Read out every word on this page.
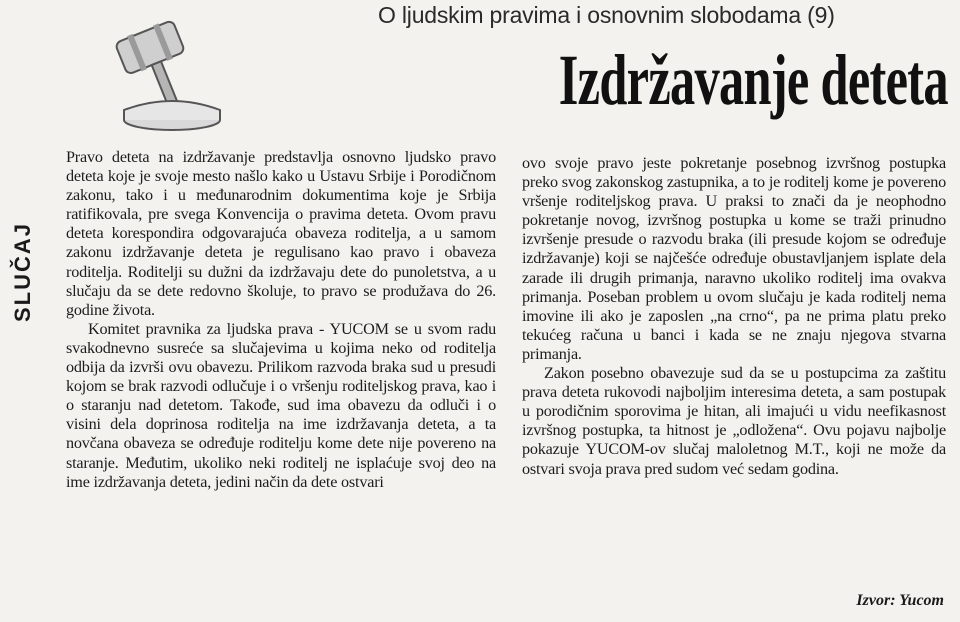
O ljudskim pravima i osnovnim slobodama (9)
Izdržavanje deteta
SLUČAJ

Pravo deteta na izdržavanje predstavlja osnovno ljudsko pravo deteta koje je svoje mesto našlo kako u Ustavu Srbije i Porodičnom zakonu, tako i u međunarodnim dokumentima koje je Srbija ratifikovala, pre svega Konvencija o pravima deteta. Ovom pravu deteta korespondira odgovarajuća obaveza roditelja, a u samom zakonu izdržavanje deteta je regulisano kao pravo i obaveza roditelja. Roditelji su dužni da izdržavaju dete do punoletstva, a u slučaju da se dete redovno školuje, to pravo se produžava do 26. godine života.

Komitet pravnika za ljudska prava - YUCOM se u svom radu svakodnevno susreće sa slučajevima u kojima neko od roditelja odbija da izvrši ovu obavezu. Prilikom razvoda braka sud u presudi kojom se brak razvodi odlučuje i o vršenju roditeljskog prava, kao i o staranju nad detetom. Takođe, sud ima obavezu da odluči i o visini dela doprinosa roditelja na ime izdržavanja deteta, a ta novčana obaveza se određuje roditelju kome dete nije povereno na staranje. Međutim, ukoliko neki roditelj ne isplaćuje svoj deo na ime izdržavanja deteta, jedini način da dete ostvari

ovo svoje pravo jeste pokretanje posebnog izvršnog postupka preko svog zakonskog zastupnika, a to je roditelj kome je povereno vršenje roditeljskog prava. U praksi to znači da je neophodno pokretanje novog, izvršnog postupka u kome se traži prinudno izvršenje presude o razvodu braka (ili presude kojom se određuje izdržavanje) koji se najčešće određuje obustavljanjem isplate dela zarade ili drugih primanja, naravno ukoliko roditelj ima ovakva primanja. Poseban problem u ovom slučaju je kada roditelj nema imovine ili ako je zaposlen „na crno“, pa ne prima platu preko tekućeg računa u banci i kada se ne znaju njegova stvarna primanja.

Zakon posebno obavezuje sud da se u postupcima za zaštitu prava deteta rukovodi najboljim interesima deteta, a sam postupak u porodičnim sporovima je hitan, ali imajući u vidu neefikasnost izvršnog postupka, ta hitnost je „odložena“. Ovu pojavu najbolje pokazuje YUCOM-ov slučaj maloletnog M.T., koji ne može da ostvari svoja prava pred sudom već sedam godina.

Izvor: Yucom
